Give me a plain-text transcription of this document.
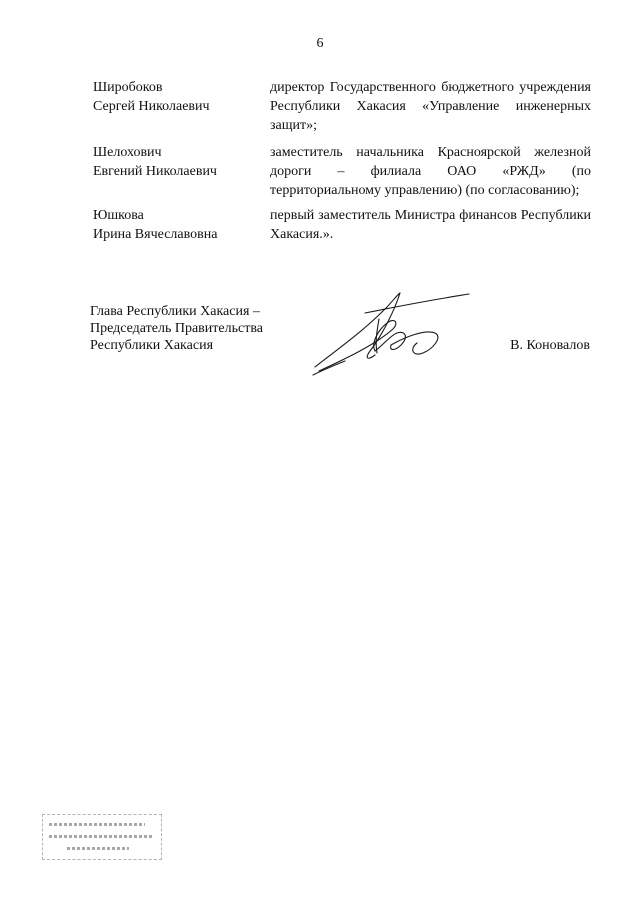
6
Широбоков
Сергей Николаевич
директор Государственного бюджетного учреждения Республики Хакасия «Управление инженерных защит»;
Шелохович
Евгений Николаевич
заместитель начальника Красноярской железной дороги – филиала ОАО «РЖД» (по территориальному управлению) (по согласованию);
Юшкова
Ирина Вячеславовна
первый заместитель Министра финансов Республики Хакасия.».
Глава Республики Хакасия –
Председатель Правительства
Республики Хакасия	В. Коновалов
